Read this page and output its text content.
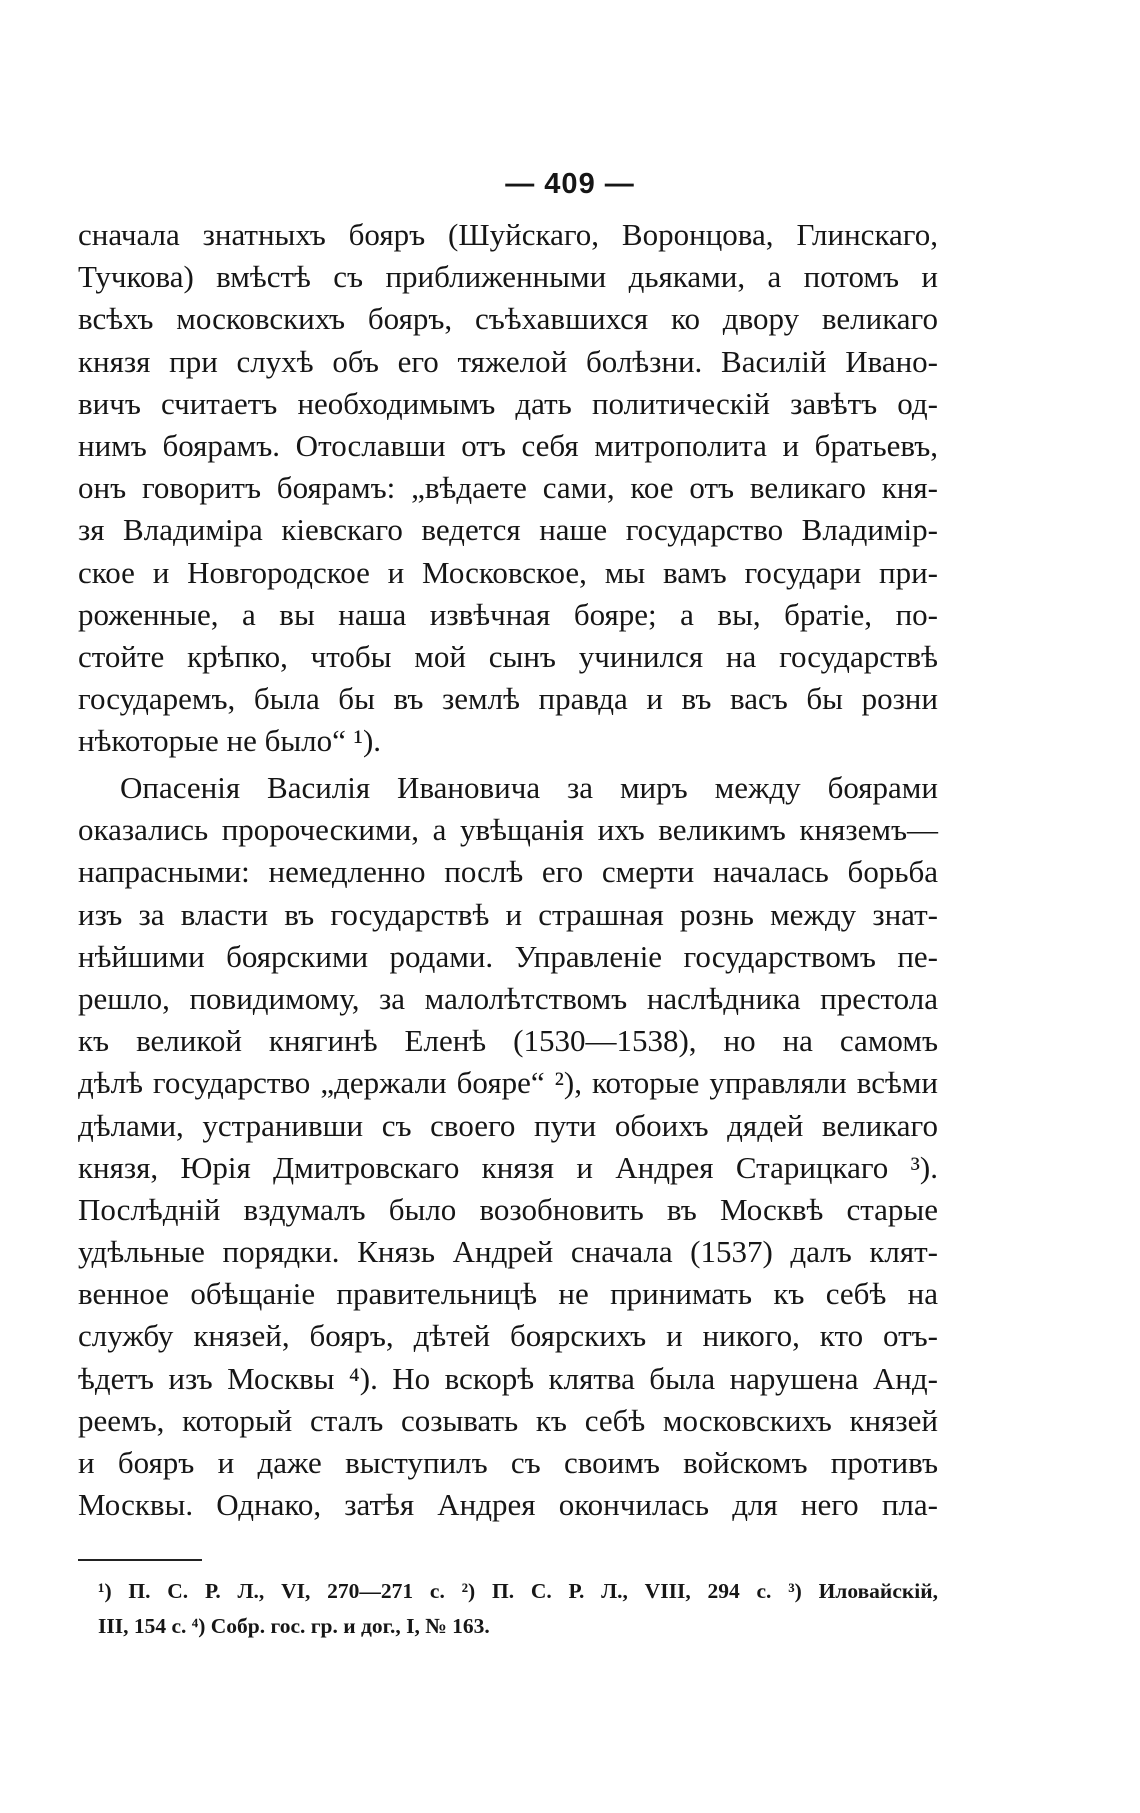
— 409 —
сначала знатныхъ бояръ (Шуйскаго, Воронцова, Глинскаго,
Тучкова) вмѣстѣ съ приближенными дьяками, а потомъ и
всѣхъ московскихъ бояръ, съѣхавшихся ко двору великаго
князя при слухѣ объ его тяжелой болѣзни. Василій Ивано-
вичъ считаетъ необходимымъ дать политическій завѣтъ од-
нимъ боярамъ. Отославши отъ себя митрополита и братьевъ,
онъ говоритъ боярамъ: „вѣдаете сами, кое отъ великаго кня-
зя Владиміра кіевскаго ведется наше государство Владимір-
ское и Новгородское и Московское, мы вамъ государи при-
роженные, а вы наша извѣчная бояре; а вы, братіе, по-
стойте крѣпко, чтобы мой сынъ учинился на государствѣ
государемъ, была бы въ землѣ правда и въ васъ бы розни
нѣкоторые не было“ ¹).
Опасенія Василія Ивановича за миръ между боярами
оказались пророческими, а увѣщанія ихъ великимъ княземъ—
напрасными: немедленно послѣ его смерти началась борьба
изъ за власти въ государствѣ и страшная рознь между знат-
нѣйшими боярскими родами. Управленіе государствомъ пе-
решло, повидимому, за малолѣтствомъ наслѣдника престола
къ великой княгинѣ Еленѣ (1530—1538), но на самомъ
дѣлѣ государство „держали бояре“ ²), которые управляли всѣми
дѣлами, устранивши съ своего пути обоихъ дядей великаго
князя, Юрія Дмитровскаго князя и Андрея Старицкаго ³).
Послѣдній вздумалъ было возобновить въ Москвѣ старые
удѣльные порядки. Князь Андрей сначала (1537) далъ клят-
венное обѣщаніе правительницѣ не принимать къ себѣ на
службу князей, бояръ, дѣтей боярскихъ и никого, кто отъ-
ѣдетъ изъ Москвы ⁴). Но вскорѣ клятва была нарушена Анд-
реемъ, который сталъ созывать къ себѣ московскихъ князей
и бояръ и даже выступилъ съ своимъ войскомъ противъ
Москвы. Однако, затѣя Андрея окончилась для него пла-
¹) П. С. Р. Л., VI, 270—271 с. ²) П. С. Р. Л., VIII, 294 с. ³) Иловайскій,
III, 154 с. ⁴) Собр. гос. гр. и дог., I, № 163.
